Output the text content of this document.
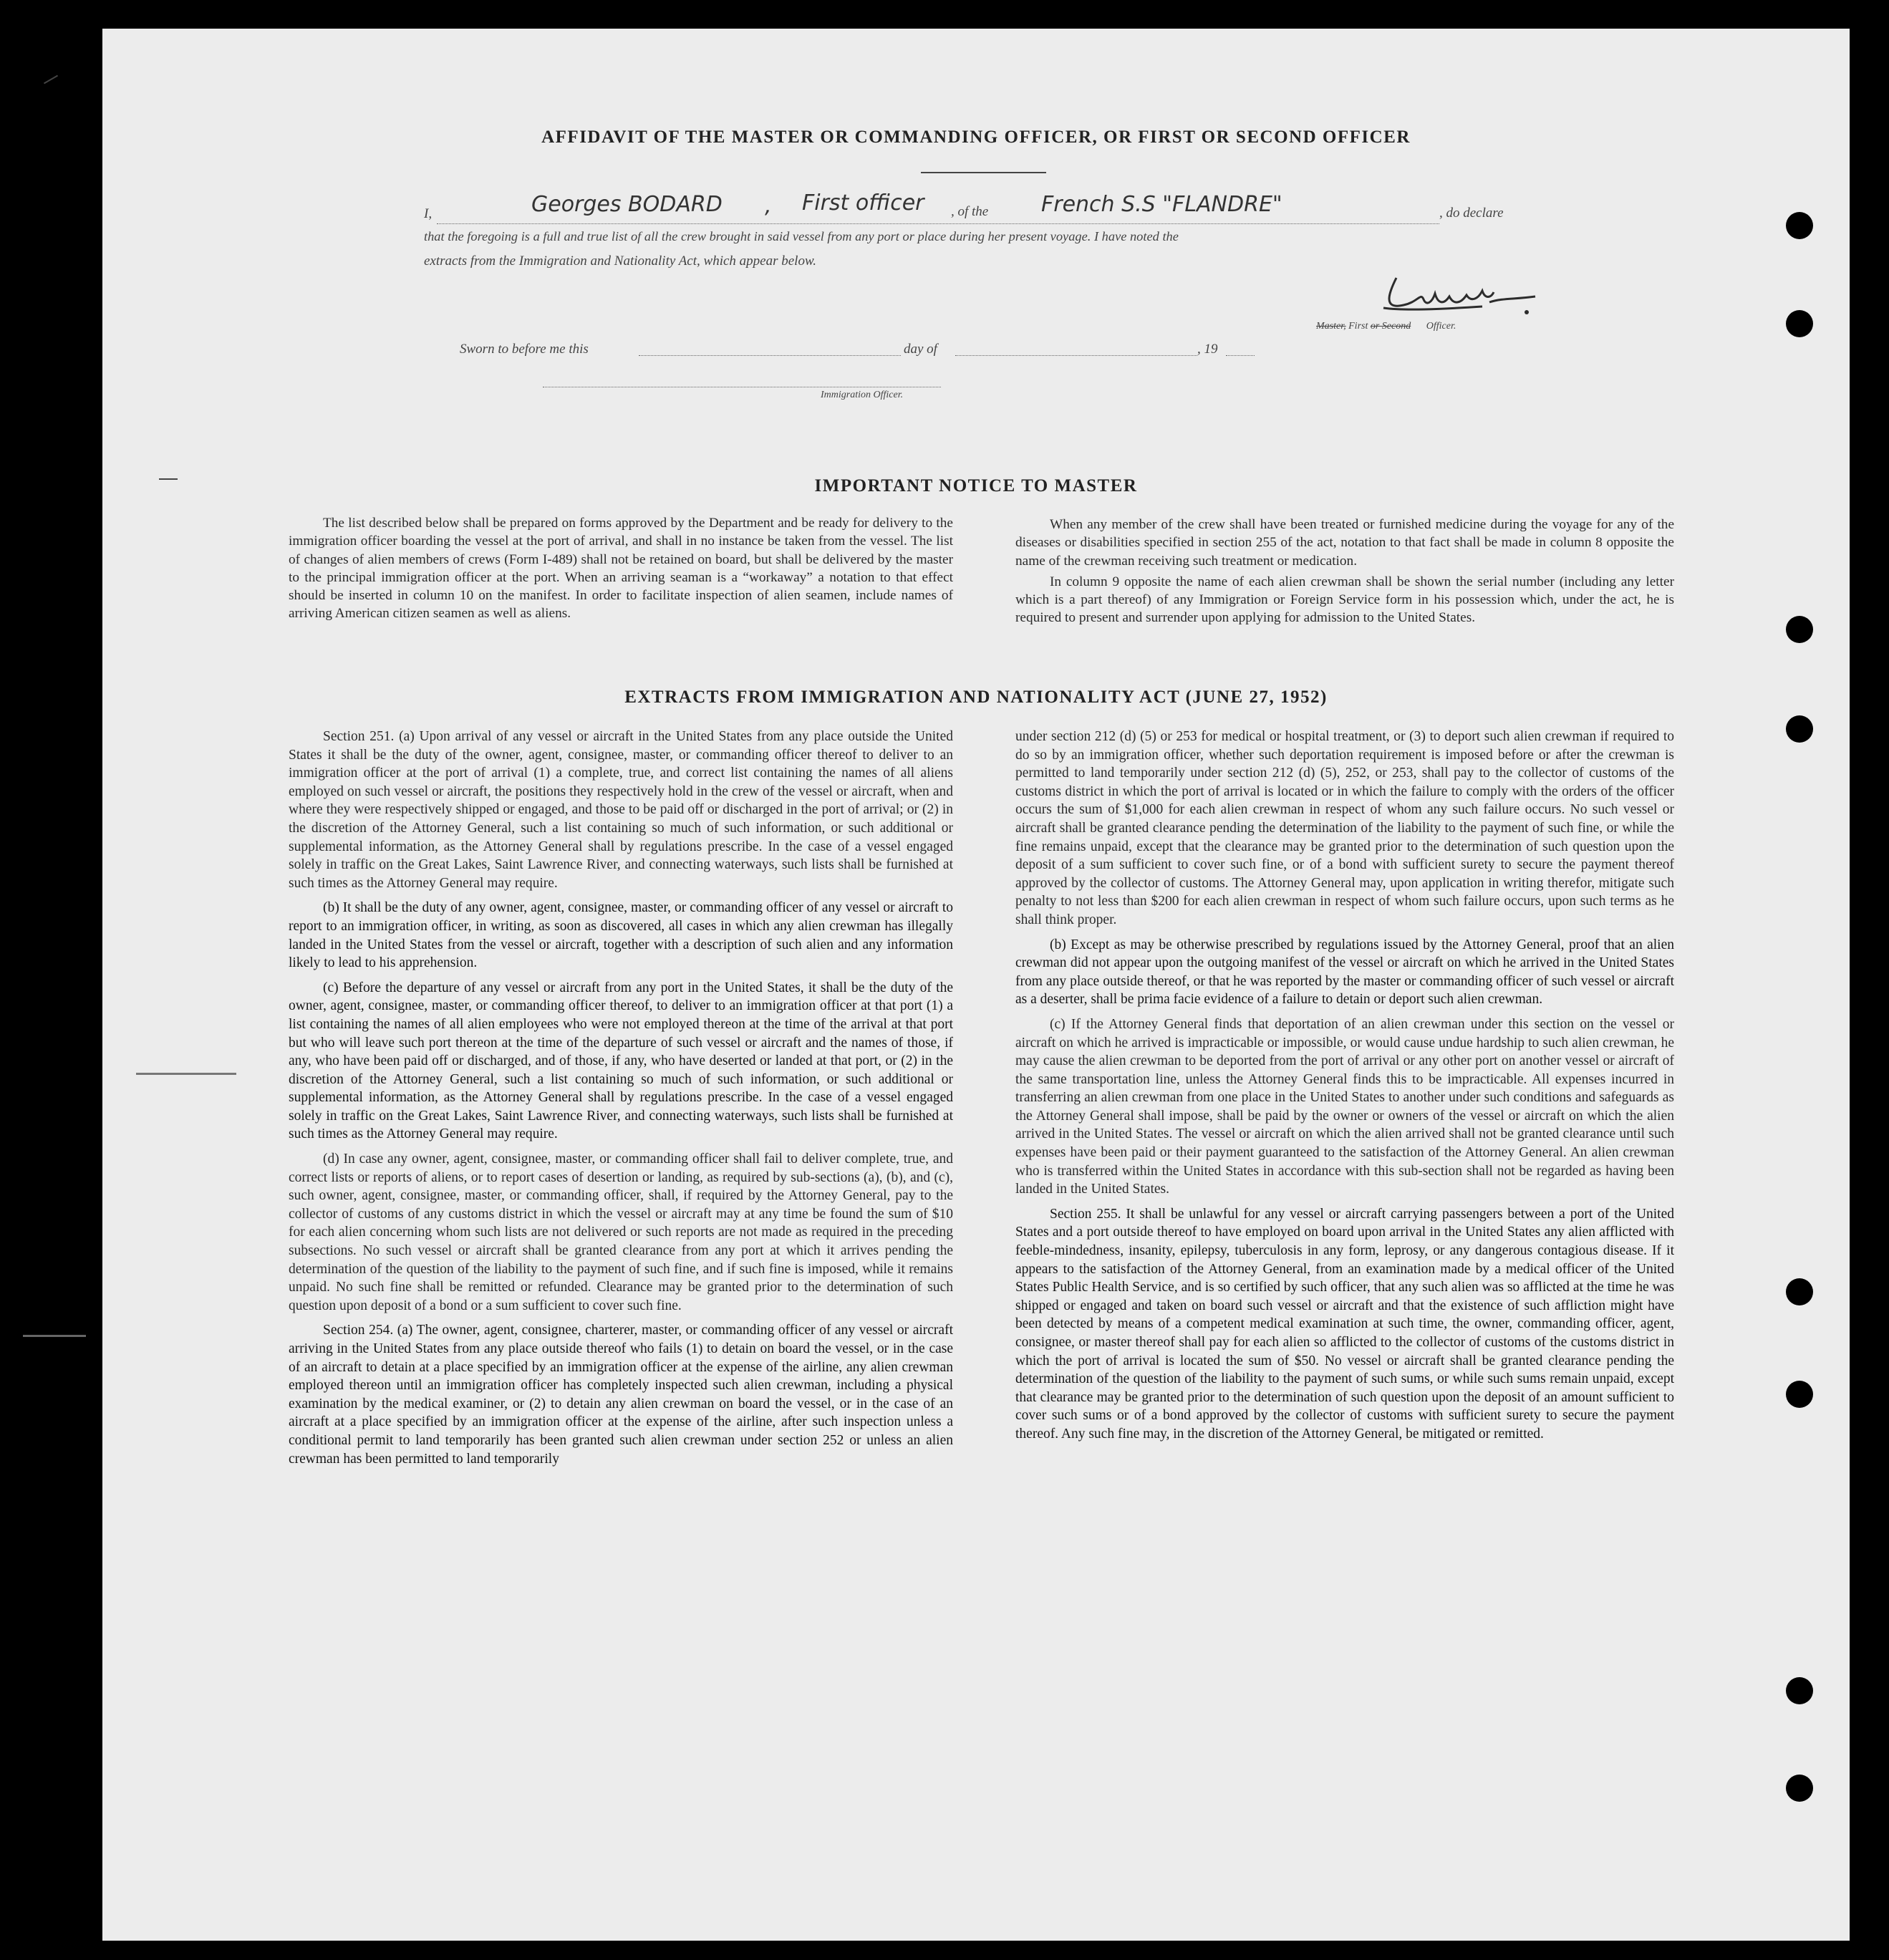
AFFIDAVIT OF THE MASTER OR COMMANDING OFFICER, OR FIRST OR SECOND OFFICER
I,	Georges BODARD , First officer , of the French S.S "FLANDRE"	, do declare
that the foregoing is a full and true list of all the crew brought in said vessel from any port or place during her present voyage. I have noted the
extracts from the Immigration and Nationality Act, which appear below.
Master, First or Second Officer.
Sworn to before me this	day of	, 19
Immigration Officer.
IMPORTANT NOTICE TO MASTER

The list described below shall be prepared on forms approved by the Department and be ready for delivery to the immigration officer boarding the vessel at the port of arrival, and shall in no instance be taken from the vessel. The list of changes of alien members of crews (Form I-489) shall not be retained on board, but shall be delivered by the master to the principal immigration officer at the port. When an arriving seaman is a “workaway” a notation to that effect should be inserted in column 10 on the manifest. In order to facilitate inspection of alien seamen, include names of arriving American citizen seamen as well as aliens.

When any member of the crew shall have been treated or furnished medicine during the voyage for any of the diseases or disabilities specified in section 255 of the act, notation to that fact shall be made in column 8 opposite the name of the crewman receiving such treatment or medication.

In column 9 opposite the name of each alien crewman shall be shown the serial number (including any letter which is a part thereof) of any Immigration or Foreign Service form in his possession which, under the act, he is required to present and surrender upon applying for admission to the United States.

EXTRACTS FROM IMMIGRATION AND NATIONALITY ACT (JUNE 27, 1952)

Section 251. (a) Upon arrival of any vessel or aircraft in the United States from any place outside the United States it shall be the duty of the owner, agent, consignee, master, or commanding officer thereof to deliver to an immigration officer at the port of arrival (1) a complete, true, and correct list containing the names of all aliens employed on such vessel or aircraft, the positions they respectively hold in the crew of the vessel or aircraft, when and where they were respectively shipped or engaged, and those to be paid off or discharged in the port of arrival; or (2) in the discretion of the Attorney General, such a list containing so much of such information, or such additional or supplemental information, as the Attorney General shall by regulations prescribe. In the case of a vessel engaged solely in traffic on the Great Lakes, Saint Lawrence River, and connecting waterways, such lists shall be furnished at such times as the Attorney General may require.

(b) It shall be the duty of any owner, agent, consignee, master, or commanding officer of any vessel or aircraft to report to an immigration officer, in writing, as soon as discovered, all cases in which any alien crewman has illegally landed in the United States from the vessel or aircraft, together with a description of such alien and any information likely to lead to his apprehension.

(c) Before the departure of any vessel or aircraft from any port in the United States, it shall be the duty of the owner, agent, consignee, master, or commanding officer thereof, to deliver to an immigration officer at that port (1) a list containing the names of all alien employees who were not employed thereon at the time of the arrival at that port but who will leave such port thereon at the time of the departure of such vessel or aircraft and the names of those, if any, who have been paid off or discharged, and of those, if any, who have deserted or landed at that port, or (2) in the discretion of the Attorney General, such a list containing so much of such information, or such additional or supplemental information, as the Attorney General shall by regulations prescribe. In the case of a vessel engaged solely in traffic on the Great Lakes, Saint Lawrence River, and connecting waterways, such lists shall be furnished at such times as the Attorney General may require.

(d) In case any owner, agent, consignee, master, or commanding officer shall fail to deliver complete, true, and correct lists or reports of aliens, or to report cases of desertion or landing, as required by sub-sections (a), (b), and (c), such owner, agent, consignee, master, or commanding officer, shall, if required by the Attorney General, pay to the collector of customs of any customs district in which the vessel or aircraft may at any time be found the sum of $10 for each alien concerning whom such lists are not delivered or such reports are not made as required in the preceding subsections. No such vessel or aircraft shall be granted clearance from any port at which it arrives pending the determination of the question of the liability to the payment of such fine, and if such fine is imposed, while it remains unpaid. No such fine shall be remitted or refunded. Clearance may be granted prior to the determination of such question upon deposit of a bond or a sum sufficient to cover such fine.

Section 254. (a) The owner, agent, consignee, charterer, master, or commanding officer of any vessel or aircraft arriving in the United States from any place outside thereof who fails (1) to detain on board the vessel, or in the case of an aircraft to detain at a place specified by an immigration officer at the expense of the airline, any alien crewman employed thereon until an immigration officer has completely inspected such alien crewman, including a physical examination by the medical examiner, or (2) to detain any alien crewman on board the vessel, or in the case of an aircraft at a place specified by an immigration officer at the expense of the airline, after such inspection unless a conditional permit to land temporarily has been granted such alien crewman under section 252 or unless an alien crewman has been permitted to land temporarily

under section 212 (d) (5) or 253 for medical or hospital treatment, or (3) to deport such alien crewman if required to do so by an immigration officer, whether such deportation requirement is imposed before or after the crewman is permitted to land temporarily under section 212 (d) (5), 252, or 253, shall pay to the collector of customs of the customs district in which the port of arrival is located or in which the failure to comply with the orders of the officer occurs the sum of $1,000 for each alien crewman in respect of whom any such failure occurs. No such vessel or aircraft shall be granted clearance pending the determination of the liability to the payment of such fine, or while the fine remains unpaid, except that the clearance may be granted prior to the determination of such question upon the deposit of a sum sufficient to cover such fine, or of a bond with sufficient surety to secure the payment thereof approved by the collector of customs. The Attorney General may, upon application in writing therefor, mitigate such penalty to not less than $200 for each alien crewman in respect of whom such failure occurs, upon such terms as he shall think proper.

(b) Except as may be otherwise prescribed by regulations issued by the Attorney General, proof that an alien crewman did not appear upon the outgoing manifest of the vessel or aircraft on which he arrived in the United States from any place outside thereof, or that he was reported by the master or commanding officer of such vessel or aircraft as a deserter, shall be prima facie evidence of a failure to detain or deport such alien crewman.

(c) If the Attorney General finds that deportation of an alien crewman under this section on the vessel or aircraft on which he arrived is impracticable or impossible, or would cause undue hardship to such alien crewman, he may cause the alien crewman to be deported from the port of arrival or any other port on another vessel or aircraft of the same transportation line, unless the Attorney General finds this to be impracticable. All expenses incurred in transferring an alien crewman from one place in the United States to another under such conditions and safeguards as the Attorney General shall impose, shall be paid by the owner or owners of the vessel or aircraft on which the alien arrived in the United States. The vessel or aircraft on which the alien arrived shall not be granted clearance until such expenses have been paid or their payment guaranteed to the satisfaction of the Attorney General. An alien crewman who is transferred within the United States in accordance with this sub-section shall not be regarded as having been landed in the United States.

Section 255. It shall be unlawful for any vessel or aircraft carrying passengers between a port of the United States and a port outside thereof to have employed on board upon arrival in the United States any alien afflicted with feeble-mindedness, insanity, epilepsy, tuberculosis in any form, leprosy, or any dangerous contagious disease. If it appears to the satisfaction of the Attorney General, from an examination made by a medical officer of the United States Public Health Service, and is so certified by such officer, that any such alien was so afflicted at the time he was shipped or engaged and taken on board such vessel or aircraft and that the existence of such affliction might have been detected by means of a competent medical examination at such time, the owner, commanding officer, agent, consignee, or master thereof shall pay for each alien so afflicted to the collector of customs of the customs district in which the port of arrival is located the sum of $50. No vessel or aircraft shall be granted clearance pending the determination of the question of the liability to the payment of such sums, or while such sums remain unpaid, except that clearance may be granted prior to the determination of such question upon the deposit of an amount sufficient to cover such sums or of a bond approved by the collector of customs with sufficient surety to secure the payment thereof. Any such fine may, in the discretion of the Attorney General, be mitigated or remitted.
